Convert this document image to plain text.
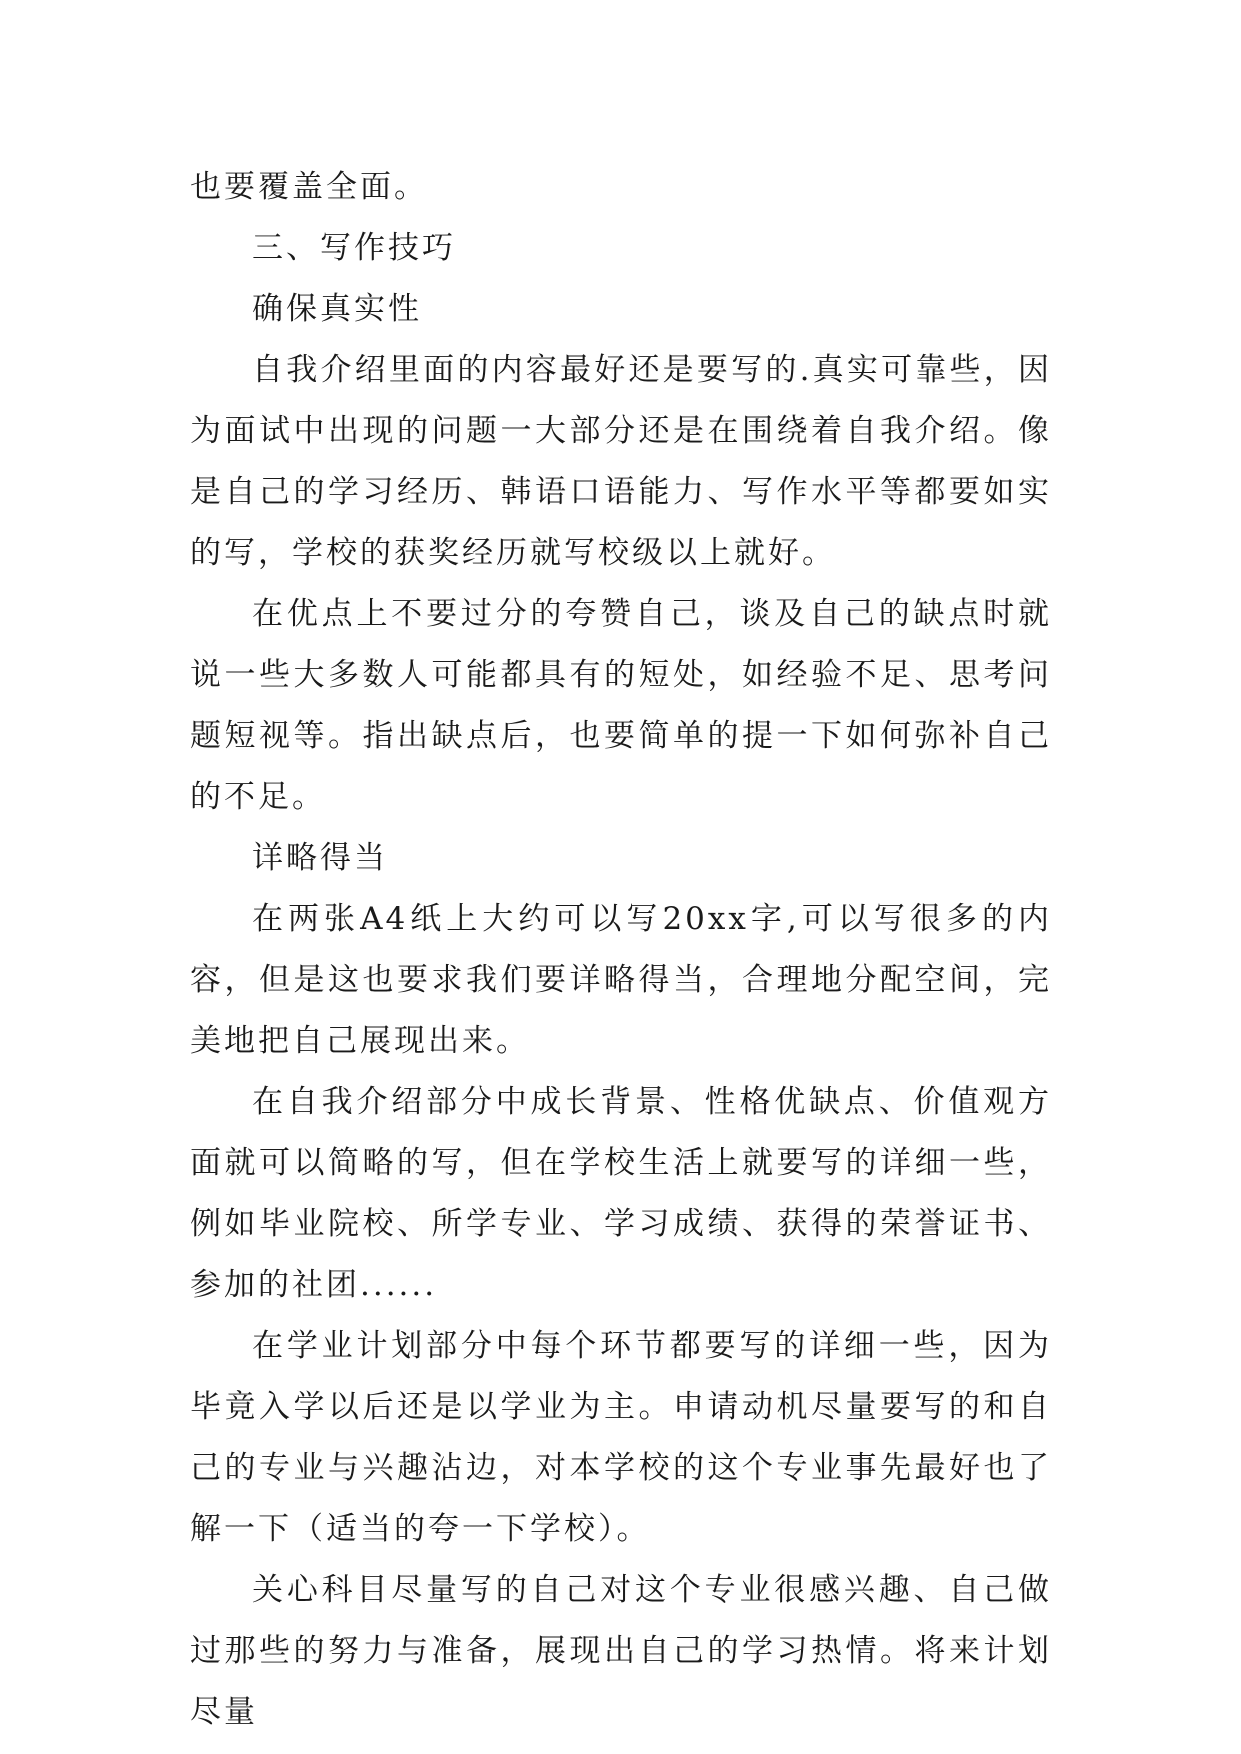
也要覆盖全面。

三、写作技巧

确保真实性

自我介绍里面的内容最好还是要写的.真实可靠些，因为面试中出现的问题一大部分还是在围绕着自我介绍。像是自己的学习经历、韩语口语能力、写作水平等都要如实的写，学校的获奖经历就写校级以上就好。

在优点上不要过分的夸赞自己，谈及自己的缺点时就说一些大多数人可能都具有的短处，如经验不足、思考问题短视等。指出缺点后，也要简单的提一下如何弥补自己的不足。

详略得当

在两张A4纸上大约可以写20xx字,可以写很多的内容，但是这也要求我们要详略得当，合理地分配空间，完美地把自己展现出来。

在自我介绍部分中成长背景、性格优缺点、价值观方面就可以简略的写，但在学校生活上就要写的详细一些，例如毕业院校、所学专业、学习成绩、获得的荣誉证书、参加的社团......

在学业计划部分中每个环节都要写的详细一些，因为毕竟入学以后还是以学业为主。申请动机尽量要写的和自己的专业与兴趣沾边，对本学校的这个专业事先最好也了解一下（适当的夸一下学校）。

关心科目尽量写的自己对这个专业很感兴趣、自己做过那些的努力与准备，展现出自己的学习热情。将来计划尽量
